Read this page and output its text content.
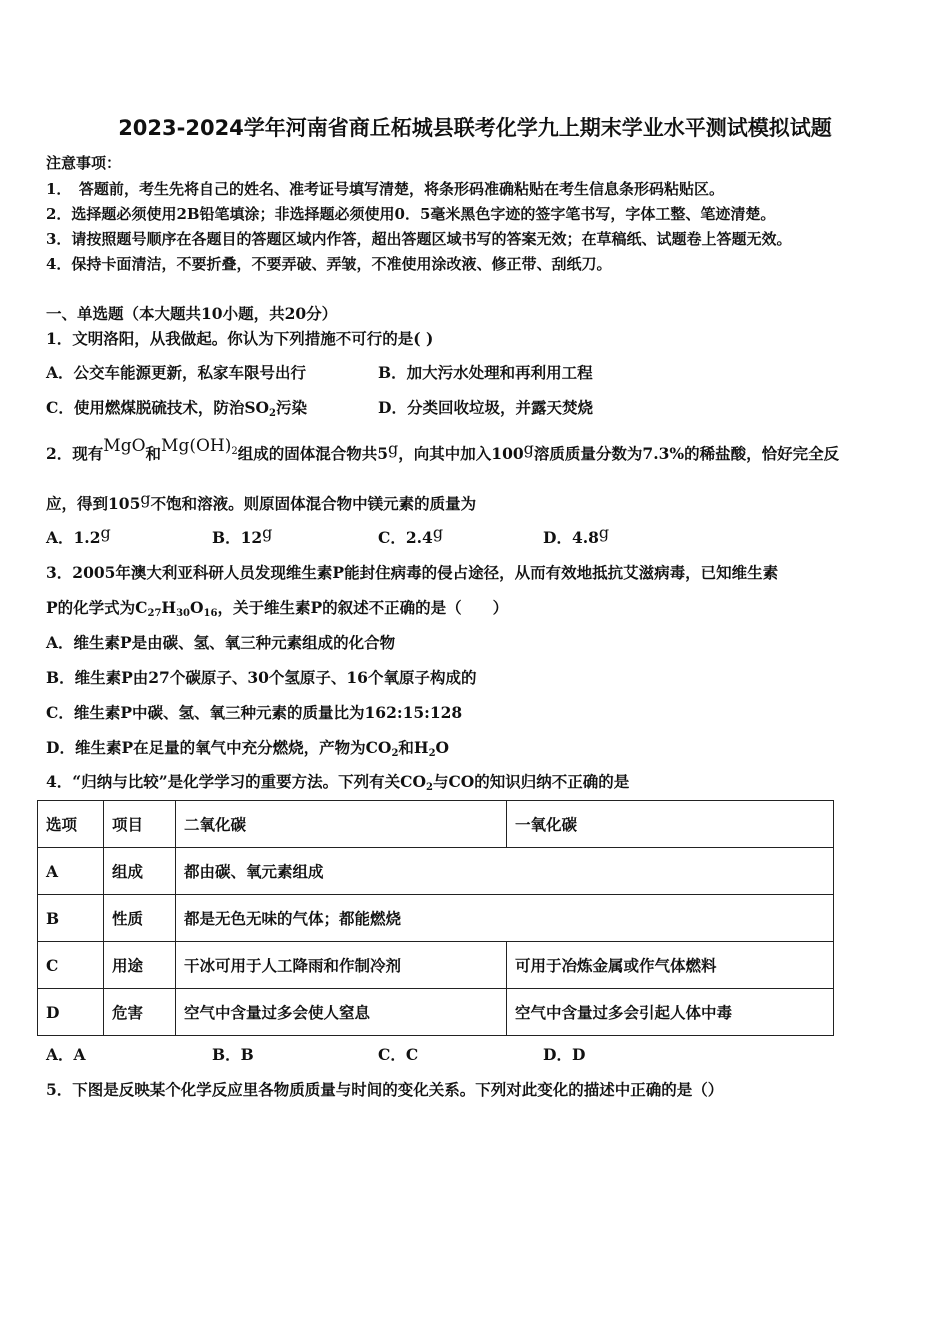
2023-2024学年河南省商丘柘城县联考化学九上期末学业水平测试模拟试题
注意事项：
1．　答题前，考生先将自己的姓名、准考证号填写清楚，将条形码准确粘贴在考生信息条形码粘贴区。
2．选择题必须使用2B铅笔填涂；非选择题必须使用0．5毫米黑色字迹的签字笔书写，字体工整、笔迹清楚。
3．请按照题号顺序在各题目的答题区域内作答，超出答题区域书写的答案无效；在草稿纸、试题卷上答题无效。
4．保持卡面清洁，不要折叠，不要弄破、弄皱，不准使用涂改液、修正带、刮纸刀。
一、单选题（本大题共10小题，共20分）
1．文明洛阳，从我做起。你认为下列措施不可行的是( )
A．公交车能源更新，私家车限号出行	B．加大污水处理和再利用工程
C．使用燃煤脱硫技术，防治$SO_2$污染	D．分类回收垃圾，并露天焚烧
2．现有MgO和$Mg(OH)_2$组成的固体混合物共5g，向其中加入100g溶质质量分数为7.3%的稀盐酸，恰好完全反
应，得到105g不饱和溶液。则原固体混合物中镁元素的质量为
A．1.2g	B．12g	C．2.4g	D．4.8g
3．2005年澳大利亚科研人员发现维生素P能封住病毒的侵占途径，从而有效地抵抗艾滋病毒，已知维生素
P的化学式为$C_{27}H_{30}O_{16}$，关于维生素P的叙述不正确的是（　　）
A．维生素P是由碳、氢、氧三种元素组成的化合物
B．维生素P由27个碳原子、30个氢原子、16个氧原子构成的
C．维生素P中碳、氢、氧三种元素的质量比为162:15:128
D．维生素P在足量的氧气中充分燃烧，产物为$CO_2$和$H_2O$
4．“归纳与比较”是化学学习的重要方法。下列有关$CO_2$与CO的知识归纳不正确的是
选项	项目	二氧化碳	一氧化碳
A	组成	都由碳、氧元素组成	
B	性质	都是无色无味的气体；都能燃烧	
C	用途	干冰可用于人工降雨和作制冷剂	可用于冶炼金属或作气体燃料
D	危害	空气中含量过多会使人窒息	空气中含量过多会引起人体中毒
A．A	B．B	C．C	D．D
5．下图是反映某个化学反应里各物质质量与时间的变化关系。下列对此变化的描述中正确的是（）
